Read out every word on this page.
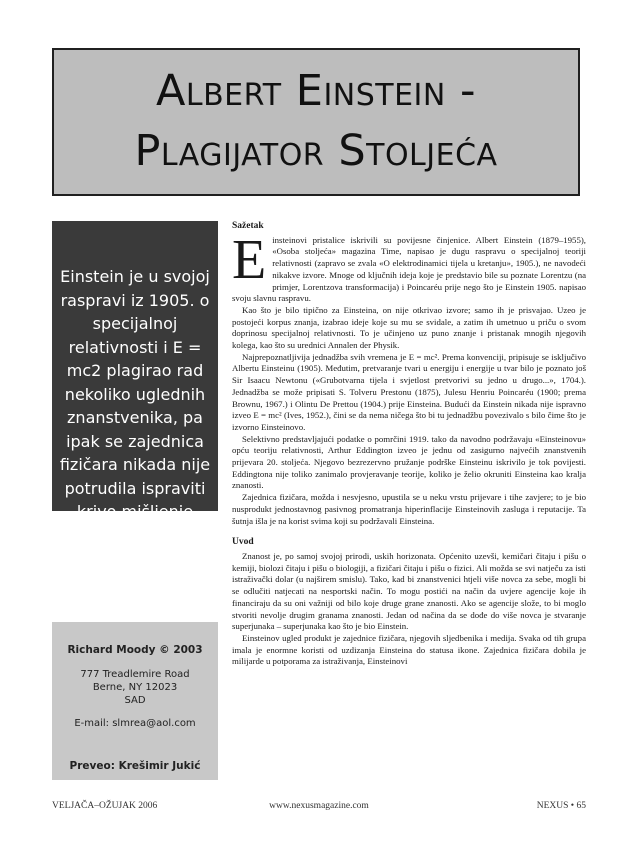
Albert Einstein -
Plagijator Stoljeća
Einstein je u svojoj raspravi iz 1905. o specijalnoj relativnosti i E = mc2 plagirao rad nekoliko uglednih znanstvenika, pa ipak se zajednica fizičara nikada nije potrudila ispraviti krivo mišljenje javnosti.
Richard Moody © 2003
777 Treadlemire Road
Berne, NY 12023
SAD
E-mail: slmrea@aol.com
Preveo: Krešimir Jukić
Sažetak

Einsteinovi pristalice iskrivili su povijesne činjenice. Albert Einstein (1879–1955), «Osoba stoljeća» magazina Time, napisao je dugu raspravu o specijalnoj teoriji relativnosti (zapravo se zvala «O elektrodinamici tijela u kretanju», 1905.), ne navodeći nikakve izvore. Mnoge od ključnih ideja koje je predstavio bile su poznate Lorentzu (na primjer, Lorentzova transformacija) i Poincaréu prije nego što je Einstein 1905. napisao svoju slavnu raspravu.

Kao što je bilo tipično za Einsteina, on nije otkrivao izvore; samo ih je prisvajao. Uzeo je postojeći korpus znanja, izabrao ideje koje su mu se svidale, a zatim ih umetnuo u priču o svom doprinosu specijalnoj relativnosti. To je učinjeno uz puno znanje i pristanak mnogih njegovih kolega, kao što su urednici Annalen der Physik.

Najprepoznatljivija jednadžba svih vremena je E = mc². Prema konvenciji, pripisuje se isključivo Albertu Einsteinu (1905). Međutim, pretvaranje tvari u energiju i energije u tvar bilo je poznato još Sir Isaacu Newtonu («Grubotvarna tijela i svjetlost pretvorivi su jedno u drugo...», 1704.). Jednadžba se može pripisati S. Tolveru Prestonu (1875), Julesu Henriu Poincaréu (1900; prema Brownu, 1967.) i Olintu De Prettou (1904.) prije Einsteina. Budući da Einstein nikada nije ispravno izveo E = mc² (Ives, 1952.), čini se da nema ničega što bi tu jednadžbu povezivalo s bilo čime što je izvorno Einsteinovo.

Selektivno predstavljajući podatke o pomrčini 1919. tako da navodno podržavaju «Einsteinovu» opću teoriju relativnosti, Arthur Eddington izveo je jednu od zasigurno najvećih znanstvenih prijevara 20. stoljeća. Njegovo bezrezervno pružanje podrške Einsteinu iskrivilo je tok povijesti. Eddingtona nije toliko zanimalo provjeravanje teorije, koliko je želio okruniti Einsteina kao kralja znanosti.

Zajednica fizičara, možda i nesvjesno, upustila se u neku vrstu prijevare i tihe zavjere; to je bio nusprodukt jednostavnog pasivnog promatranja hiperinflacije Einsteinovih zasluga i reputacije. Ta šutnja išla je na korist svima koji su podržavali Einsteina.

Uvod

Znanost je, po samoj svojoj prirodi, uskih horizonata. Općenito uzevši, kemičari čitaju i pišu o kemiji, biolozi čitaju i pišu o biologiji, a fizičari čitaju i pišu o fizici. Ali možda se svi natječu za isti istraživački dolar (u najširem smislu). Tako, kad bi znanstvenici htjeli više novca za sebe, mogli bi se odlučiti natjecati na nesportski način. To mogu postići na način da uvjere agencije koje ih financiraju da su oni važniji od bilo koje druge grane znanosti. Ako se agencije slože, to bi moglo stvoriti nevolje drugim granama znanosti. Jedan od načina da se dođe do više novca je stvaranje superjunaka – superjunaka kao što je bio Einstein.

Einsteinov ugled produkt je zajednice fizičara, njegovih sljedbenika i medija. Svaka od tih grupa imala je enormne koristi od uzdizanja Einsteina do statusa ikone. Zajednica fizičara dobila je milijarde u potporama za istraživanja, Einsteinovi

VELJAČA–OŽUJAK 2006	www.nexusmagazine.com	NEXUS • 65
